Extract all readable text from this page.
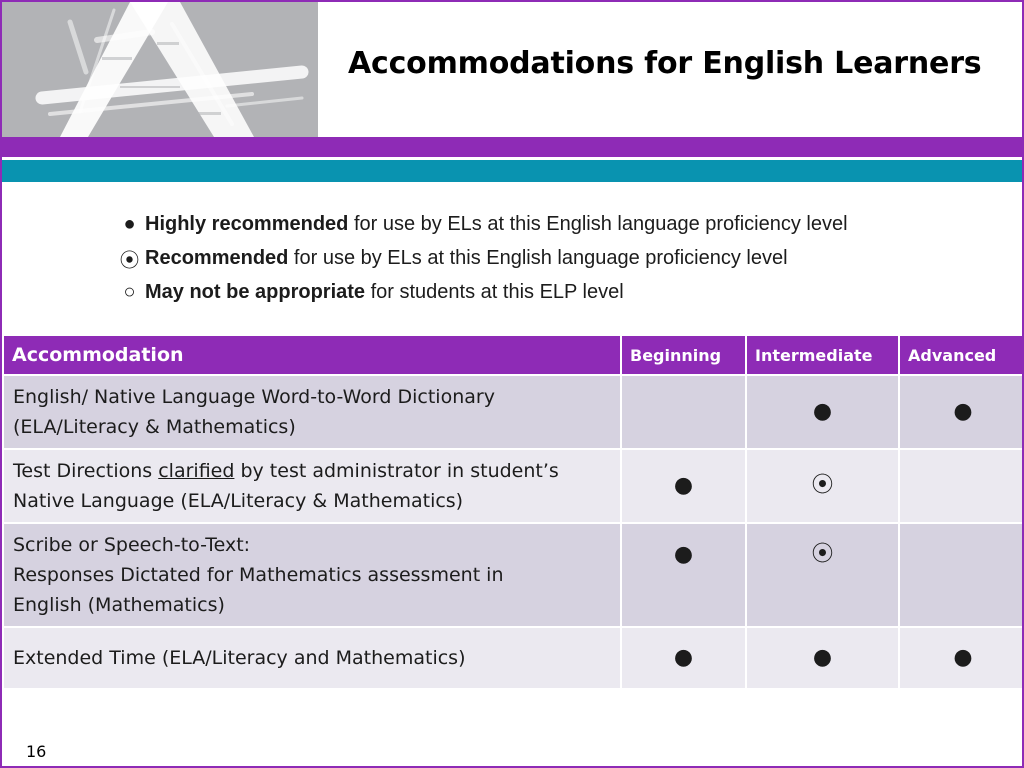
Accommodations for English Learners
● Highly recommended for use by ELs at this English language proficiency level
⦿ Recommended for use by ELs at this English language proficiency level
○ May not be appropriate for students at this ELP level
Accommodation	Beginning	Intermediate	Advanced
English/ Native Language Word-to-Word Dictionary
(ELA/Literacy & Mathematics)		●	●
Test Directions clarified by test administrator in student’s
Native Language (ELA/Literacy & Mathematics)	●	⦿	
Scribe or Speech-to-Text:
Responses Dictated for Mathematics assessment in
English (Mathematics)	●	⦿	
Extended Time (ELA/Literacy and Mathematics)	●	●	●
16
